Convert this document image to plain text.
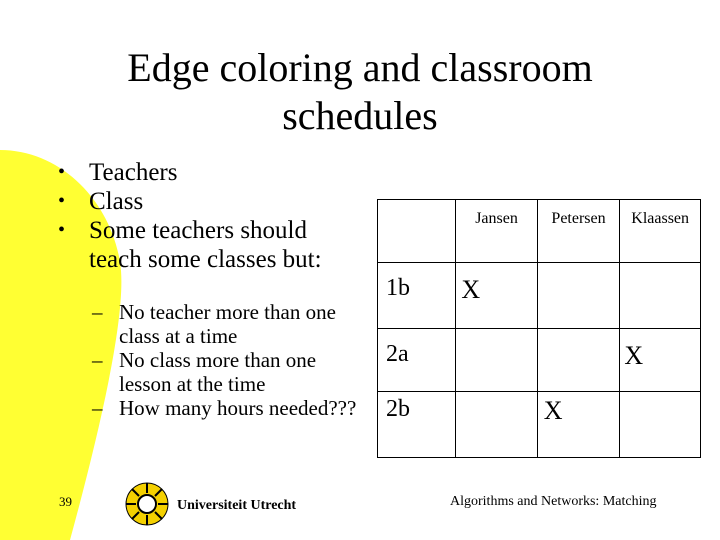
Edge coloring and classroom schedules
• Teachers
• Class
• Some teachers should teach some classes but:
– No teacher more than one class at a time
– No class more than one lesson at the time
– How many hours needed???
	Jansen	Petersen	Klaassen
1b	X		
2a			X
2b		X	
39	Universiteit Utrecht	Algorithms and Networks: Matching
